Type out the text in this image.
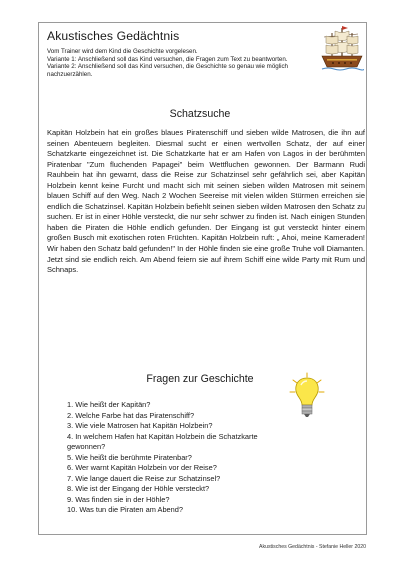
Akustisches Gedächtnis

Vom Trainer wird dem Kind die Geschichte vorgelesen.

Variante 1: Anschließend soll das Kind versuchen, die Fragen zum Text zu beantworten.

Variante 2: Anschließend soll das Kind versuchen, die Geschichte so genau wie möglich nachzuerzählen.

Schatzsuche

Kapitän Holzbein hat ein großes blaues Piratenschiff und sieben wilde Matrosen, die ihn auf seinen Abenteuern begleiten. Diesmal sucht er einen wertvollen Schatz, der auf einer Schatzkarte eingezeichnet ist. Die Schatzkarte hat er am Hafen von Lagos in der berühmten Piratenbar "Zum fluchenden Papagei" beim Wettfluchen gewonnen. Der Barmann Rudi Rauhbein hat ihn gewarnt, dass die Reise zur Schatzinsel sehr gefährlich sei, aber Kapitän Holzbein kennt keine Furcht und macht sich mit seinen sieben wilden Matrosen mit seinem blauen Schiff auf den Weg. Nach 2 Wochen Seereise mit vielen wilden Stürmen erreichen sie endlich die Schatzinsel. Kapitän Holzbein befiehlt seinen sieben wilden Matrosen den Schatz zu suchen. Er ist in einer Höhle versteckt, die nur sehr schwer zu finden ist. Nach einigen Stunden haben die Piraten die Höhle endlich gefunden. Der Eingang ist gut versteckt hinter einem großen Busch mit exotischen roten Früchten. Kapitän Holzbein ruft: „ Ahoi, meine Kameraden! Wir haben den Schatz bald gefunden!" In der Höhle finden sie eine große Truhe voll Diamanten. Jetzt sind sie endlich reich. Am Abend feiern sie auf ihrem Schiff eine wilde Party mit Rum und Schnaps.

Fragen zur Geschichte
1. Wie heißt der Kapitän?
2. Welche Farbe hat das Piratenschiff?
3. Wie viele Matrosen hat Kapitän Holzbein?
4. In welchem Hafen hat Kapitän Holzbein die Schatzkarte gewonnen?
5. Wie heißt die berühmte Piratenbar?
6. Wer warnt Kapitän Holzbein vor der Reise?
7. Wie lange dauert die Reise zur Schatzinsel?
8. Wie ist der Eingang der Höhle versteckt?
9. Was finden sie in der Höhle?
10. Was tun die Piraten am Abend?
Akustisches Gedächtnis - Stefanie Heller 2020
